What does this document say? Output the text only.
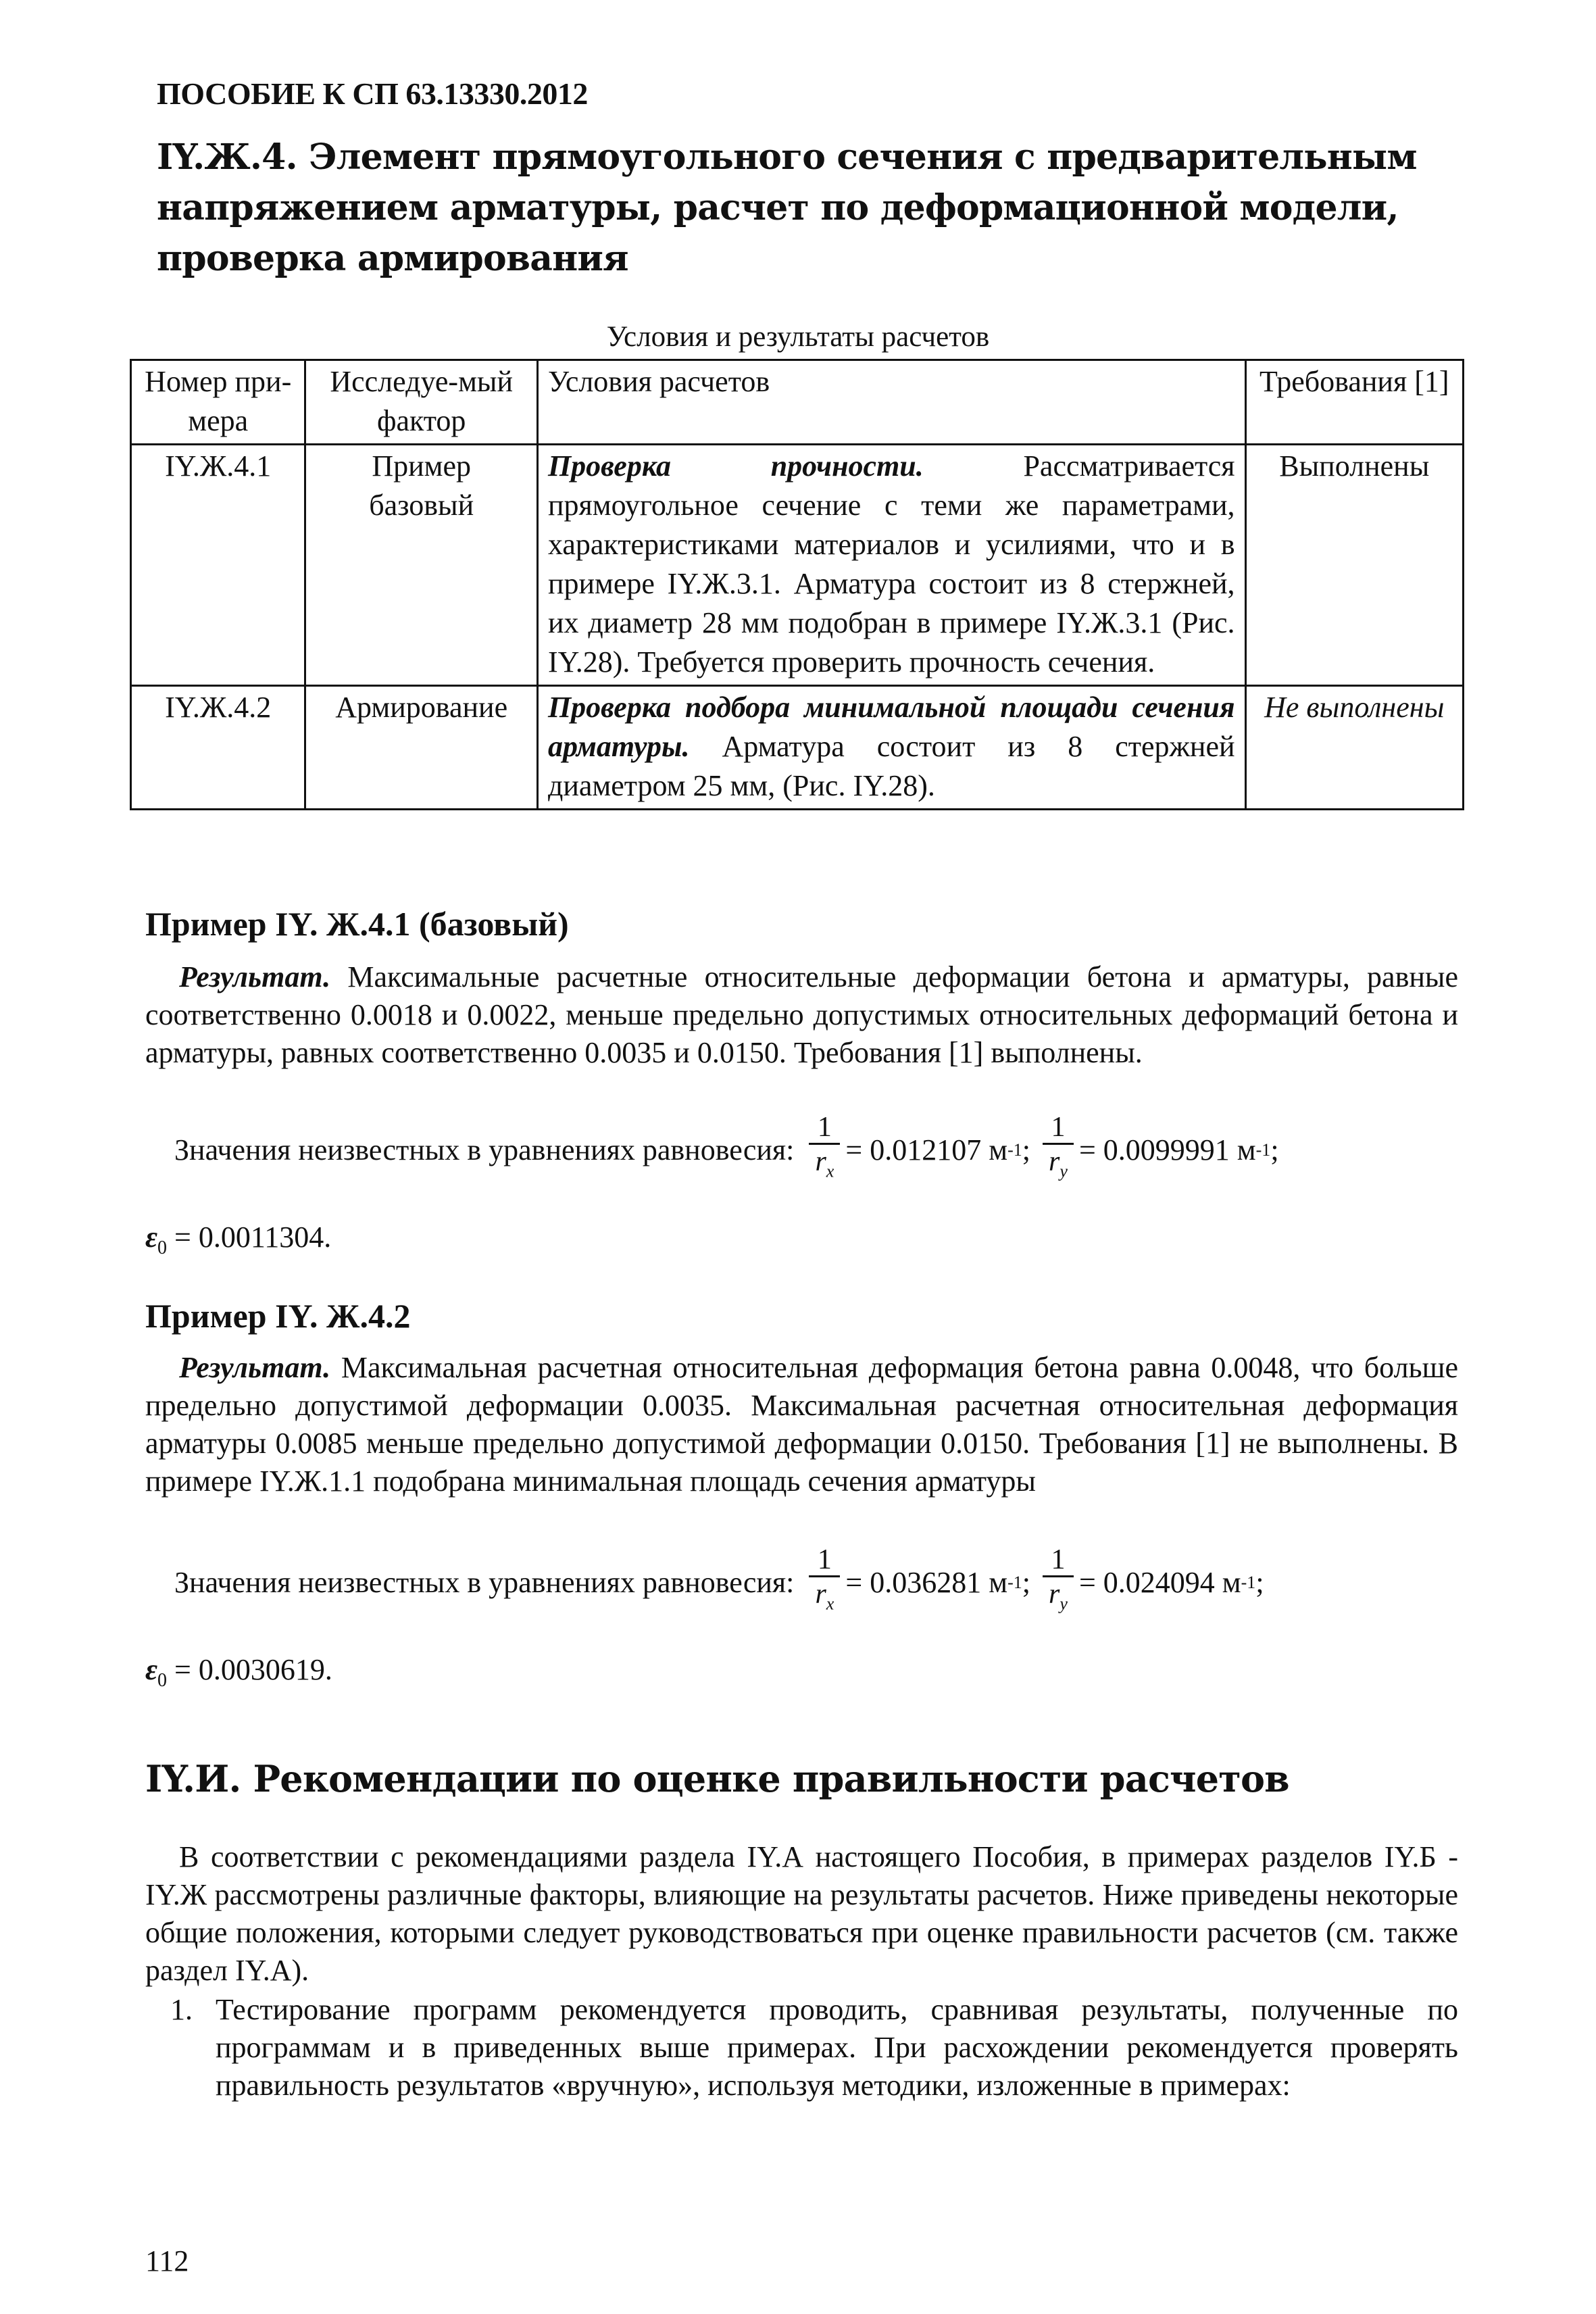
ПОСОБИЕ К СП 63.13330.2012
IY.Ж.4. Элемент прямоугольного сечения с предварительным напряжением арматуры, расчет по деформационной модели, проверка армирования
Условия и результаты расчетов
Номер при-мера	Исследуе-мый фактор	Условия расчетов	Требования [1]
IY.Ж.4.1	Пример базовый	Проверка прочности. Рассматривается прямоугольное сечение с теми же параметрами, характеристиками материалов и усилиями, что и в примере IY.Ж.3.1. Арматура состоит из 8 стержней, их диаметр 28 мм подобран в примере IY.Ж.3.1 (Рис. IY.28). Требуется проверить прочность сечения.	Выполнены
IY.Ж.4.2	Армирование	Проверка подбора минимальной площади сечения арматуры. Арматура состоит из 8 стержней диаметром 25 мм, (Рис. IY.28).	Не выполнены
Пример IY. Ж.4.1 (базовый)
Результат. Максимальные расчетные относительные деформации бетона и арматуры, равные соответственно 0.0018 и 0.0022, меньше предельно допустимых относительных деформаций бетона и арматуры, равных соответственно 0.0035 и 0.0150. Требования [1] выполнены.
Значения неизвестных в уравнениях равновесия: $\frac{1}{r_x} = 0.012107$ м -1 ; $\frac{1}{r_y} = 0.0099991$ м -1 ;
$\varepsilon_0 = 0.0011304$.
Пример IY. Ж.4.2
Результат. Максимальная расчетная относительная деформация бетона равна 0.0048, что больше предельно допустимой деформации 0.0035. Максимальная расчетная относительная деформация арматуры 0.0085 меньше предельно допустимой деформации 0.0150. Требования [1] не выполнены. В примере IY.Ж.1.1 подобрана минимальная площадь сечения арматуры
Значения неизвестных в уравнениях равновесия: $\frac{1}{r_x} = 0.036281$ м -1 ; $\frac{1}{r_y} = 0.024094$ м -1 ;
$\varepsilon_0 = 0.0030619$.
IY.И. Рекомендации по оценке правильности расчетов
В соответствии с рекомендациями раздела IY.А настоящего Пособия, в примерах разделов IY.Б - IY.Ж рассмотрены различные факторы, влияющие на результаты расчетов. Ниже приведены некоторые общие положения, которыми следует руководствоваться при оценке правильности расчетов (см. также раздел IY.А).
1. Тестирование программ рекомендуется проводить, сравнивая результаты, полученные по программам и в приведенных выше примерах. При расхождении рекомендуется проверять правильность результатов «вручную», используя методики, изложенные в примерах:
112
